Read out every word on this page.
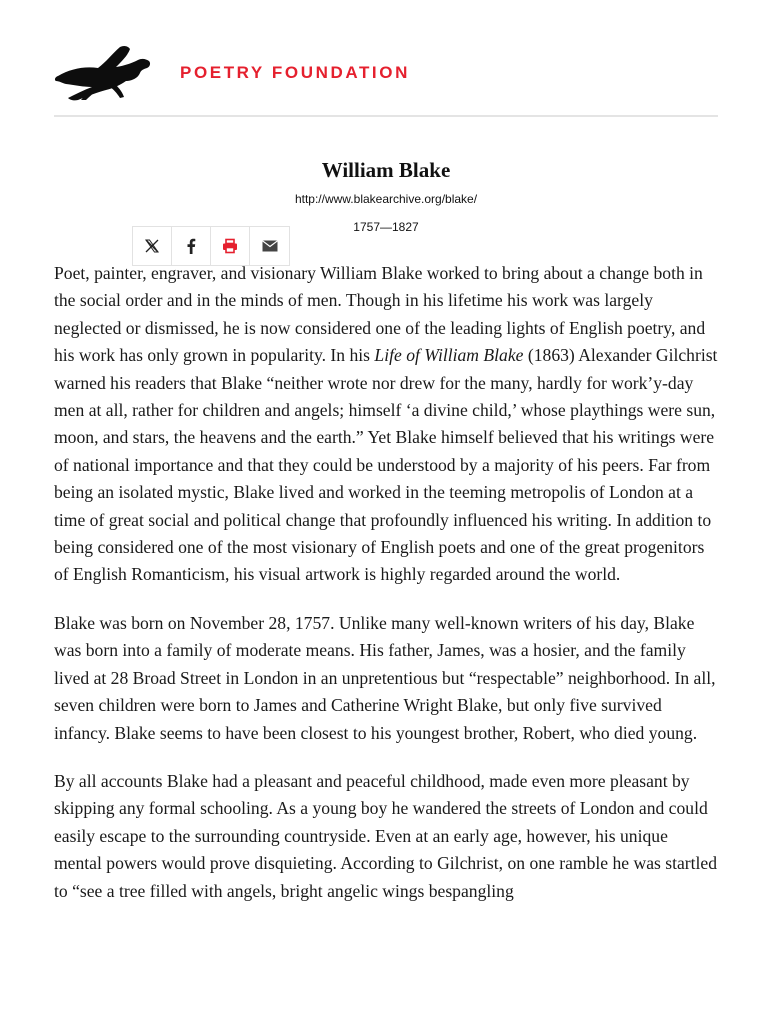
POETRY FOUNDATION
William Blake
http://www.blakearchive.org/blake/
1757—1827

Poet, painter, engraver, and visionary William Blake worked to bring about a change both in the social order and in the minds of men. Though in his lifetime his work was largely neglected or dismissed, he is now considered one of the leading lights of English poetry, and his work has only grown in popularity. In his Life of William Blake (1863) Alexander Gilchrist warned his readers that Blake “neither wrote nor drew for the many, hardly for work’y-day men at all, rather for children and angels; himself ‘a divine child,’ whose playthings were sun, moon, and stars, the heavens and the earth.” Yet Blake himself believed that his writings were of national importance and that they could be understood by a majority of his peers. Far from being an isolated mystic, Blake lived and worked in the teeming metropolis of London at a time of great social and political change that profoundly influenced his writing. In addition to being considered one of the most visionary of English poets and one of the great progenitors of English Romanticism, his visual artwork is highly regarded around the world.

Blake was born on November 28, 1757. Unlike many well-known writers of his day, Blake was born into a family of moderate means. His father, James, was a hosier, and the family lived at 28 Broad Street in London in an unpretentious but “respectable” neighborhood. In all, seven children were born to James and Catherine Wright Blake, but only five survived infancy. Blake seems to have been closest to his youngest brother, Robert, who died young.

By all accounts Blake had a pleasant and peaceful childhood, made even more pleasant by skipping any formal schooling. As a young boy he wandered the streets of London and could easily escape to the surrounding countryside. Even at an early age, however, his unique mental powers would prove disquieting. According to Gilchrist, on one ramble he was startled to “see a tree filled with angels, bright angelic wings bespangling
